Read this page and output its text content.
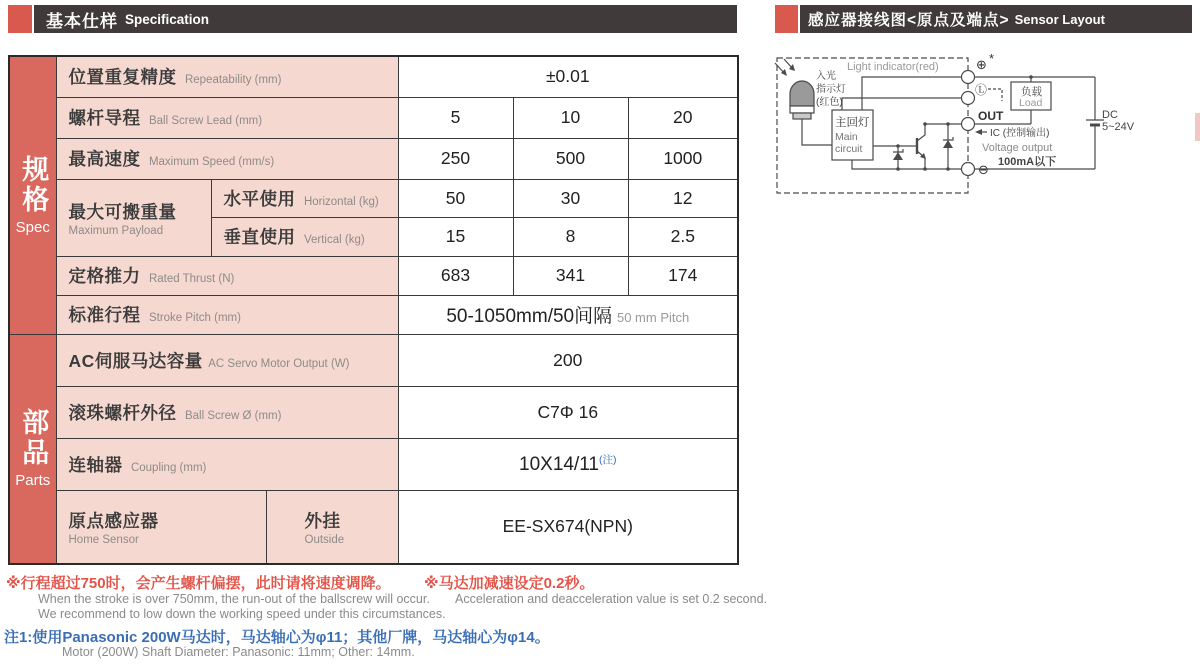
基本仕样 Specification	感应器接线图<原点及端点> Sensor Layout
规格
Spec	位置重复精度 Repeatability (mm)			±0.01		
	螺杆导程 Ball Screw Lead (mm)			5	10	20
	最高速度 Maximum Speed (mm/s)			250	500	1000
	最大可搬重量
Maximum Payload	水平使用 Horizontal (kg)		50	30	12
		垂直使用 Vertical (kg)		15	8	2.5
	定格推力 Rated Thrust (N)			683	341	174
	标准行程 Stroke Pitch (mm)			50-1050mm/50间隔 50 mm Pitch		

部品
Parts	AC伺服马达容量 AC Servo Motor Output (W)			200		
	滚珠螺杆外径 Ball Screw Ø (mm)			C7Φ 16		
	连轴器 Coupling (mm)			$10X14/11^{(注)}$
	原点感应器
Home Sensor		外挂
Outside	EE-SX674(NPN)		
※行程超过750时，会产生螺杆偏摆，此时请将速度调降。
When the stroke is over 750mm, the run-out of the ballscrew will occur.
We recommend to low down the working speed under this circumstances.
※马达加减速设定0.2秒。
Acceleration and deacceleration value is set 0.2 second.
注1:使用Panasonic 200W马达时，马达轴心为φ11；其他厂牌，马达轴心为φ14。
Motor (200W) Shaft Diameter: Panasonic: 11mm; Other: 14mm.
Light indicator(red)
入光
指示灯
(红色)
主回灯
Main
circuit
⊕ *
Ⓛ
OUT
IC (控制输出)
Voltage output
100mA以下
⊖
负载
Load
DC
5~24V
